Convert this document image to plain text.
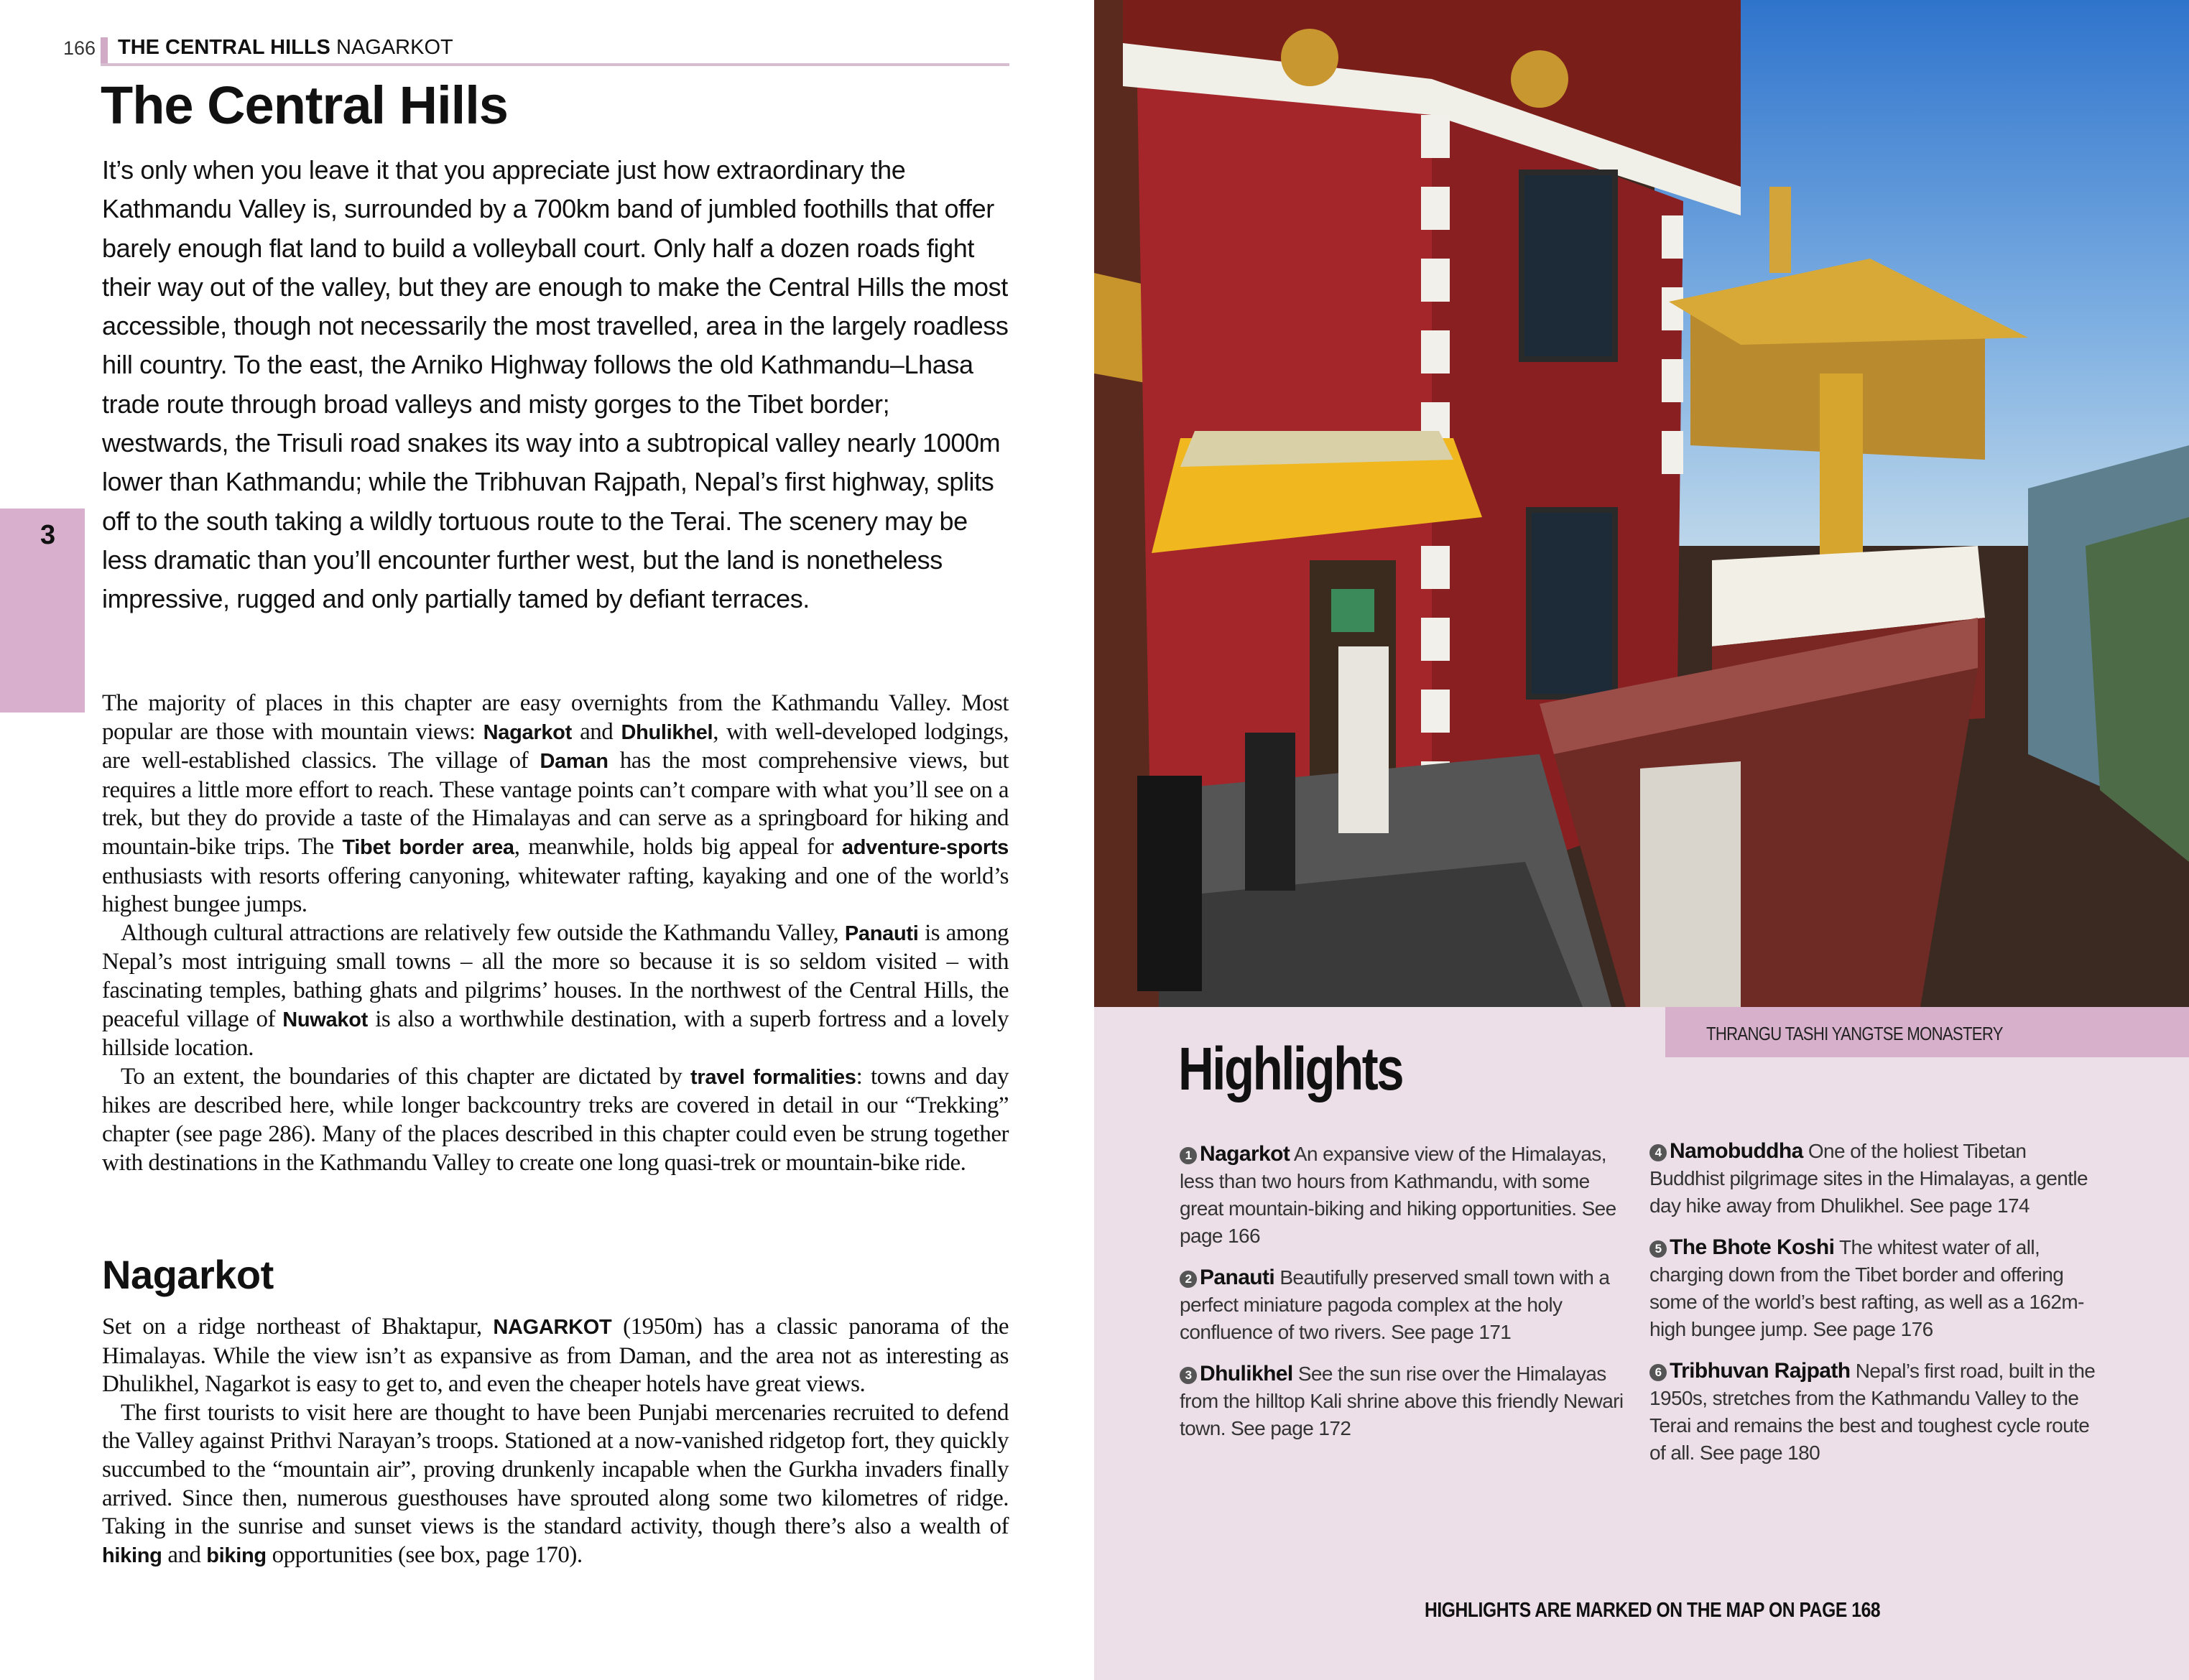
166 THE CENTRAL HILLS NAGARKOT
The Central Hills
3
It’s only when you leave it that you appreciate just how extraordinary the Kathmandu Valley is, surrounded by a 700km band of jumbled foothills that offer barely enough flat land to build a volleyball court. Only half a dozen roads fight their way out of the valley, but they are enough to make the Central Hills the most accessible, though not necessarily the most travelled, area in the largely roadless hill country. To the east, the Arniko Highway follows the old Kathmandu–Lhasa trade route through broad valleys and misty gorges to the Tibet border; westwards, the Trisuli road snakes its way into a subtropical valley nearly 1000m lower than Kathmandu; while the Tribhuvan Rajpath, Nepal’s first highway, splits off to the south taking a wildly tortuous route to the Terai. The scenery may be less dramatic than you’ll encounter further west, but the land is nonetheless impressive, rugged and only partially tamed by defiant terraces.

The majority of places in this chapter are easy overnights from the Kathmandu Valley. Most popular are those with mountain views: Nagarkot and Dhulikhel, with well-developed lodgings, are well-established classics. The village of Daman has the most comprehensive views, but requires a little more effort to reach. These vantage points can’t compare with what you’ll see on a trek, but they do provide a taste of the Himalayas and can serve as a springboard for hiking and mountain-bike trips. The Tibet border area, meanwhile, holds big appeal for adventure-sports enthusiasts with resorts offering canyoning, whitewater rafting, kayaking and one of the world’s highest bungee jumps.

Although cultural attractions are relatively few outside the Kathmandu Valley, Panauti is among Nepal’s most intriguing small towns – all the more so because it is so seldom visited – with fascinating temples, bathing ghats and pilgrims’ houses. In the northwest of the Central Hills, the peaceful village of Nuwakot is also a worthwhile destination, with a superb fortress and a lovely hillside location.

To an extent, the boundaries of this chapter are dictated by travel formalities: towns and day hikes are described here, while longer backcountry treks are covered in detail in our “Trekking” chapter (see page 286). Many of the places described in this chapter could even be strung together with destinations in the Kathmandu Valley to create one long quasi-trek or mountain-bike ride.

Nagarkot

Set on a ridge northeast of Bhaktapur, NAGARKOT (1950m) has a classic panorama of the Himalayas. While the view isn’t as expansive as from Daman, and the area not as interesting as Dhulikhel, Nagarkot is easy to get to, and even the cheaper hotels have great views.

The first tourists to visit here are thought to have been Punjabi mercenaries recruited to defend the Valley against Prithvi Narayan’s troops. Stationed at a now-vanished ridgetop fort, they quickly succumbed to the “mountain air”, proving drunkenly incapable when the Gurkha invaders finally arrived. Since then, numerous guesthouses have sprouted along some two kilometres of ridge. Taking in the sunrise and sunset views is the standard activity, though there’s also a wealth of hiking and biking opportunities (see box, page 170).

THRANGU TASHI YANGTSE MONASTERY
Highlights
1 Nagarkot An expansive view of the Himalayas, less than two hours from Kathmandu, with some great mountain-biking and hiking opportunities. See page 166
2 Panauti Beautifully preserved small town with a perfect miniature pagoda complex at the holy confluence of two rivers. See page 171
3 Dhulikhel See the sun rise over the Himalayas from the hilltop Kali shrine above this friendly Newari town. See page 172
4 Namobuddha One of the holiest Tibetan Buddhist pilgrimage sites in the Himalayas, a gentle day hike away from Dhulikhel. See page 174
5 The Bhote Koshi The whitest water of all, charging down from the Tibet border and offering some of the world’s best rafting, as well as a 162m-high bungee jump. See page 176
6 Tribhuvan Rajpath Nepal’s first road, built in the 1950s, stretches from the Kathmandu Valley to the Terai and remains the best and toughest cycle route of all. See page 180
HIGHLIGHTS ARE MARKED ON THE MAP ON PAGE 168
